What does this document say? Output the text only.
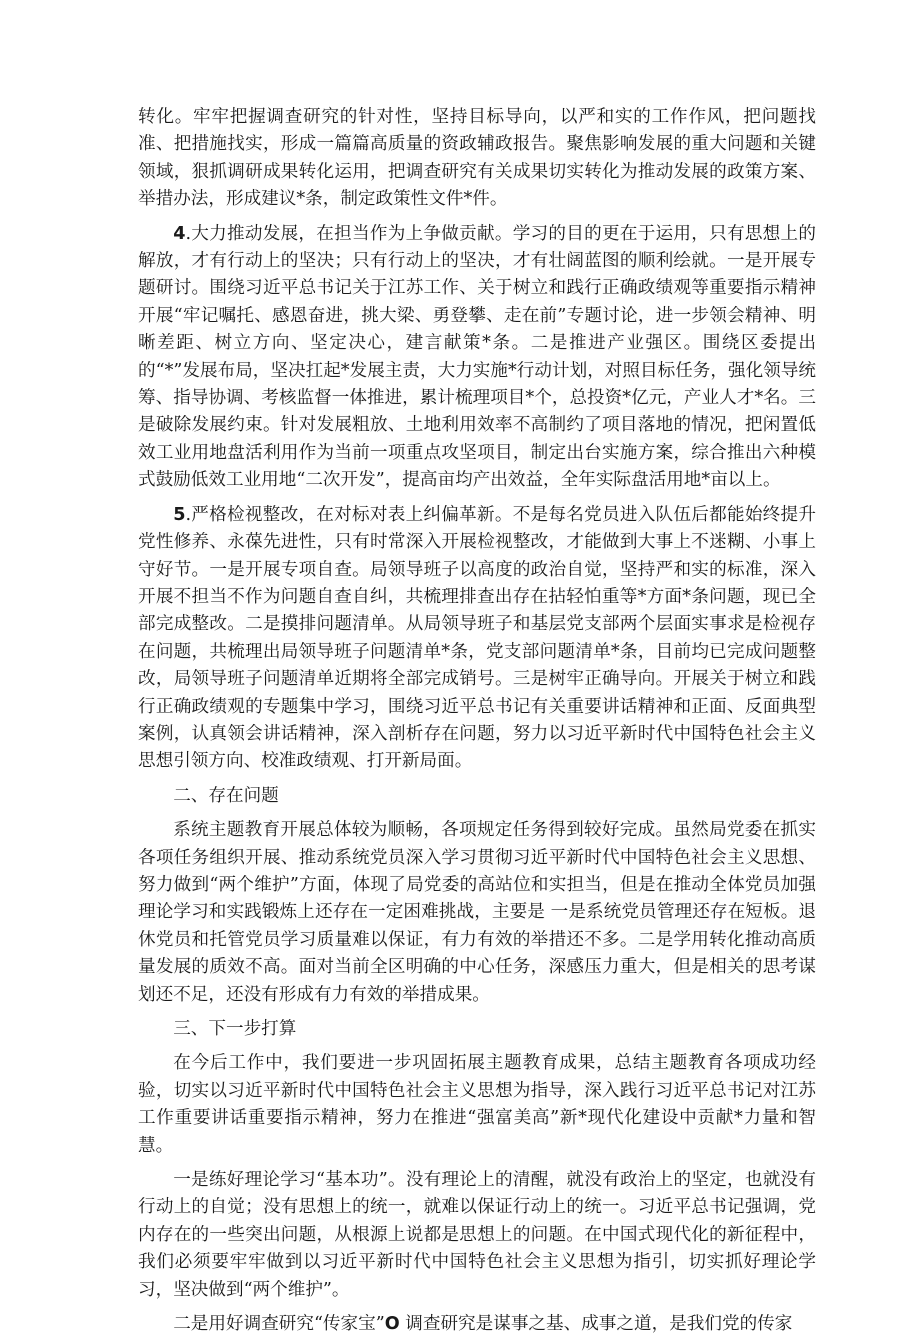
转化。牢牢把握调查研究的针对性，坚持目标导向，以严和实的工作作风，把问题找准、把措施找实，形成一篇篇高质量的资政辅政报告。聚焦影响发展的重大问题和关键领域，狠抓调研成果转化运用，把调查研究有关成果切实转化为推动发展的政策方案、举措办法，形成建议*条，制定政策性文件*件。

4.大力推动发展，在担当作为上争做贡献。学习的目的更在于运用，只有思想上的解放，才有行动上的坚决；只有行动上的坚决，才有壮阔蓝图的顺利绘就。一是开展专题研讨。围绕习近平总书记关于江苏工作、关于树立和践行正确政绩观等重要指示精神开展“牢记嘱托、感恩奋进，挑大梁、勇登攀、走在前”专题讨论，进一步领会精神、明晰差距、树立方向、坚定决心，建言献策*条。二是推进产业强区。围绕区委提出的“*”发展布局，坚决扛起*发展主责，大力实施*行动计划，对照目标任务，强化领导统筹、指导协调、考核监督一体推进，累计梳理项目*个，总投资*亿元，产业人才*名。三是破除发展约束。针对发展粗放、土地利用效率不高制约了项目落地的情况，把闲置低效工业用地盘活利用作为当前一项重点攻坚项目，制定出台实施方案，综合推出六种模式鼓励低效工业用地“二次开发”，提高亩均产出效益，全年实际盘活用地*亩以上。

5.严格检视整改，在对标对表上纠偏革新。不是每名党员进入队伍后都能始终提升党性修养、永葆先进性，只有时常深入开展检视整改，才能做到大事上不迷糊、小事上守好节。一是开展专项自查。局领导班子以高度的政治自觉，坚持严和实的标准，深入开展不担当不作为问题自查自纠，共梳理排查出存在拈轻怕重等*方面*条问题，现已全部完成整改。二是摸排问题清单。从局领导班子和基层党支部两个层面实事求是检视存在问题，共梳理出局领导班子问题清单*条，党支部问题清单*条，目前均已完成问题整改，局领导班子问题清单近期将全部完成销号。三是树牢正确导向。开展关于树立和践行正确政绩观的专题集中学习，围绕习近平总书记有关重要讲话精神和正面、反面典型案例，认真领会讲话精神，深入剖析存在问题，努力以习近平新时代中国特色社会主义思想引领方向、校准政绩观、打开新局面。

二、存在问题

系统主题教育开展总体较为顺畅，各项规定任务得到较好完成。虽然局党委在抓实各项任务组织开展、推动系统党员深入学习贯彻习近平新时代中国特色社会主义思想、努力做到“两个维护”方面，体现了局党委的高站位和实担当，但是在推动全体党员加强理论学习和实践锻炼上还存在一定困难挑战，主要是 一是系统党员管理还存在短板。退休党员和托管党员学习质量难以保证，有力有效的举措还不多。二是学用转化推动高质量发展的质效不高。面对当前全区明确的中心任务，深感压力重大，但是相关的思考谋划还不足，还没有形成有力有效的举措成果。

三、下一步打算

在今后工作中，我们要进一步巩固拓展主题教育成果，总结主题教育各项成功经验，切实以习近平新时代中国特色社会主义思想为指导，深入践行习近平总书记对江苏工作重要讲话重要指示精神，努力在推进“强富美高”新*现代化建设中贡献*力量和智慧。

一是练好理论学习“基本功”。没有理论上的清醒，就没有政治上的坚定，也就没有行动上的自觉；没有思想上的统一，就难以保证行动上的统一。习近平总书记强调，党内存在的一些突出问题，从根源上说都是思想上的问题。在中国式现代化的新征程中，我们必须要牢牢做到以习近平新时代中国特色社会主义思想为指引，切实抓好理论学习，坚决做到“两个维护”。

二是用好调查研究“传家宝”O 调查研究是谋事之基、成事之道，是我们党的传家
